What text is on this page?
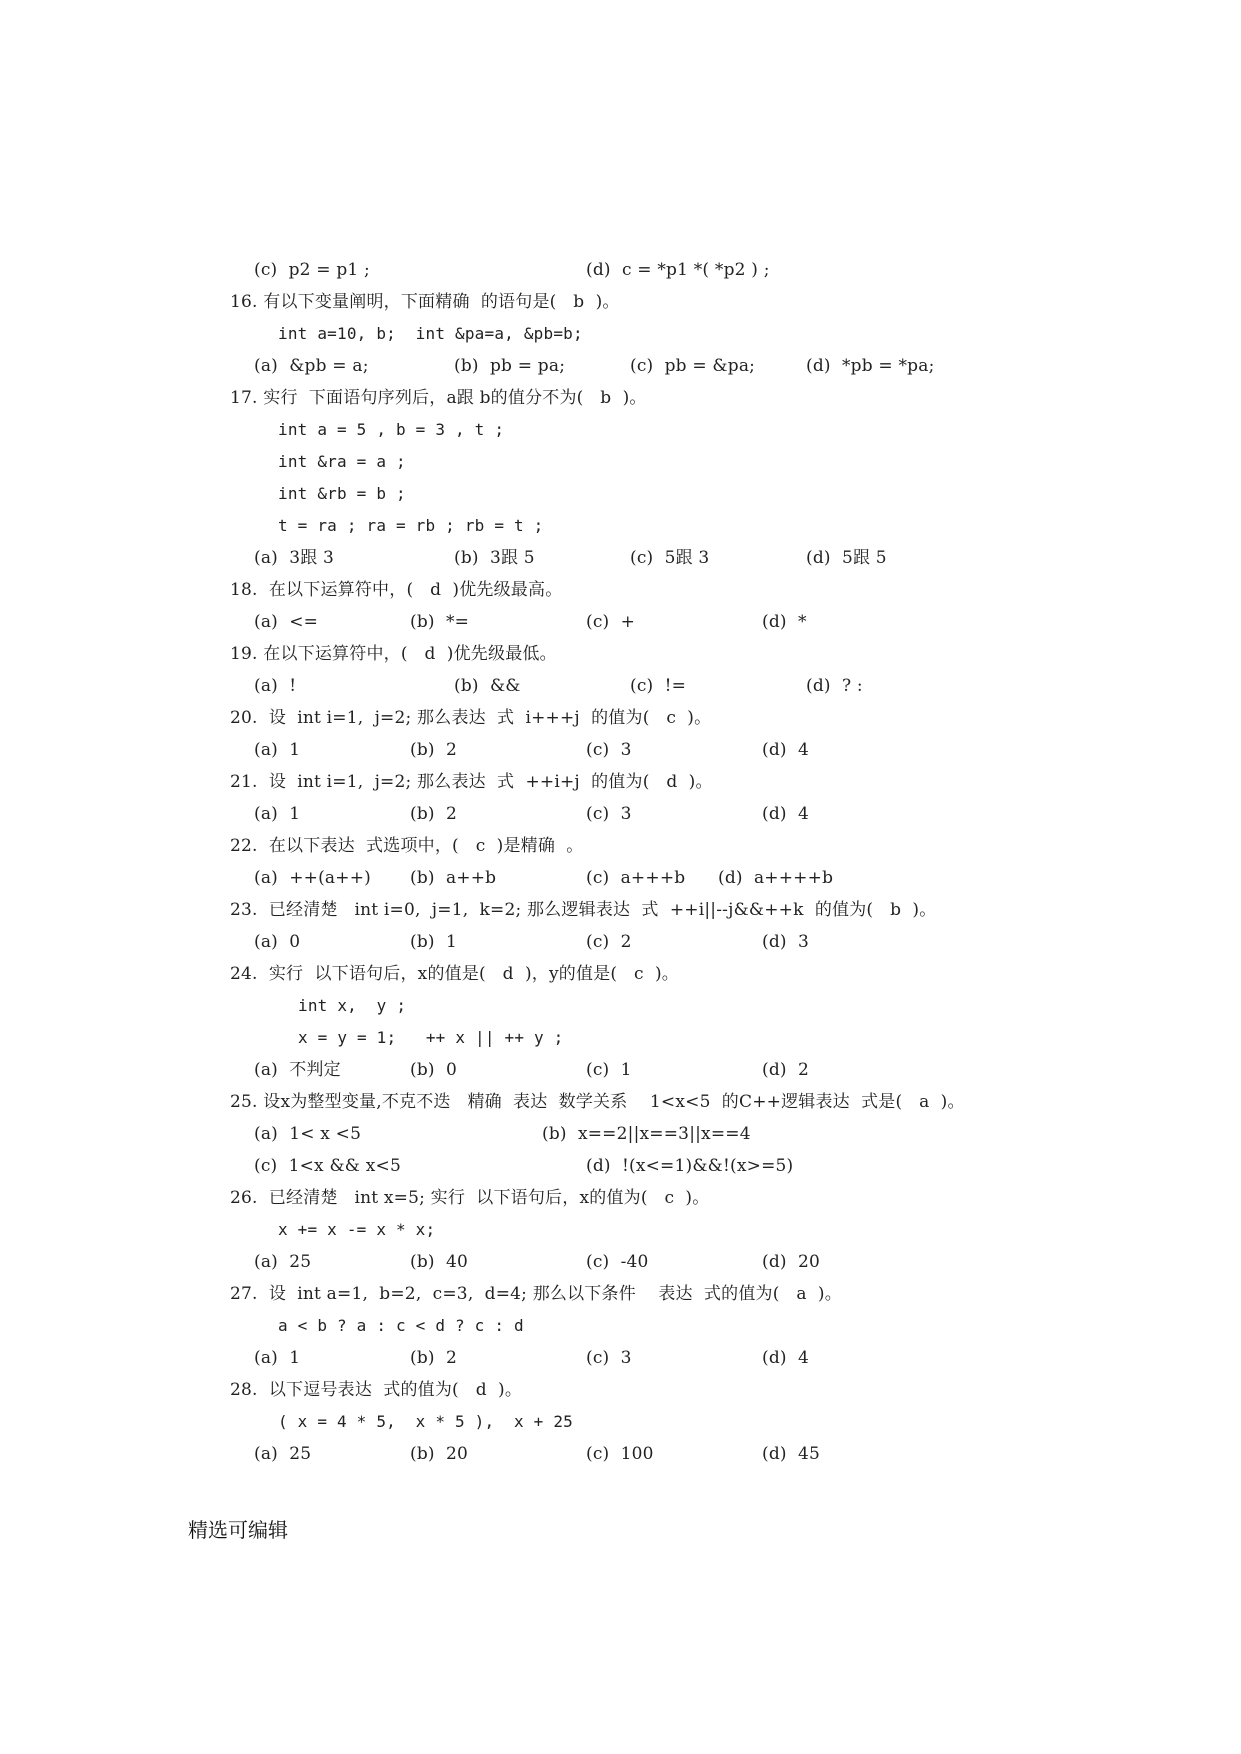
(c)  p2 = p1 ;	(d)  c = *p1 *( *p2 ) ;
16. 有以下变量阐明，下面精确  的语句是(   b  )。
int a=10, b;  int &pa=a, &pb=b;
(a)  &pb = a;	(b)  pb = pa;	(c)  pb = &pa;	(d)  *pb = *pa;
17. 实行  下面语句序列后，a跟 b的值分不为(   b  )。
int a = 5 , b = 3 , t ;
int &ra = a ;
int &rb = b ;
t = ra ; ra = rb ; rb = t ;
(a)  3跟 3	(b)  3跟 5	(c)  5跟 3	(d)  5跟 5
18.  在以下运算符中，(   d  )优先级最高。
(a)  <=	(b)  *=	(c)  +	(d)  *
19. 在以下运算符中，(   d  )优先级最低。
(a)  !	(b)  &&	(c)  !=	(d)  ? :
20.  设  int i=1,  j=2; 那么表达  式  i+++j  的值为(   c  )。
(a)  1	(b)  2	(c)  3	(d)  4
21.  设  int i=1,  j=2; 那么表达  式  ++i+j  的值为(   d  )。
(a)  1	(b)  2	(c)  3	(d)  4
22.  在以下表达  式选项中，(   c  )是精确  。
(a)  ++(a++) (b)  a++b	(c)  a+++b (d)  a++++b
23.  已经清楚   int i=0,  j=1,  k=2; 那么逻辑表达  式  ++i||--j&&++k  的值为(   b  )。
(a)  0	(b)  1	(c)  2	(d)  3
24.  实行  以下语句后，x的值是(   d  )，y的值是(   c  )。
int x,  y ;
x = y = 1;   ++ x || ++ y ;
(a)  不判定	(b)  0	(c)  1	(d)  2
25. 设x为整型变量,不克不迭   精确  表达  数学关系    1<x<5  的C++逻辑表达  式是(   a  )。
(a)  1< x <5	(b)  x==2||x==3||x==4
(c)  1<x && x<5	(d)  !(x<=1)&&!(x>=5)
26.  已经清楚   int x=5; 实行  以下语句后，x的值为(   c  )。
x += x -= x * x;
(a)  25	(b)  40	(c)  -40	(d)  20
27.  设  int a=1,  b=2,  c=3,  d=4; 那么以下条件    表达  式的值为(   a  )。
a < b ? a : c < d ? c : d
(a)  1	(b)  2	(c)  3	(d)  4
28.  以下逗号表达  式的值为(   d  )。
( x = 4 * 5,  x * 5 ),  x + 25
(a)  25	(b)  20	(c)  100	(d)  45
精选可编辑
